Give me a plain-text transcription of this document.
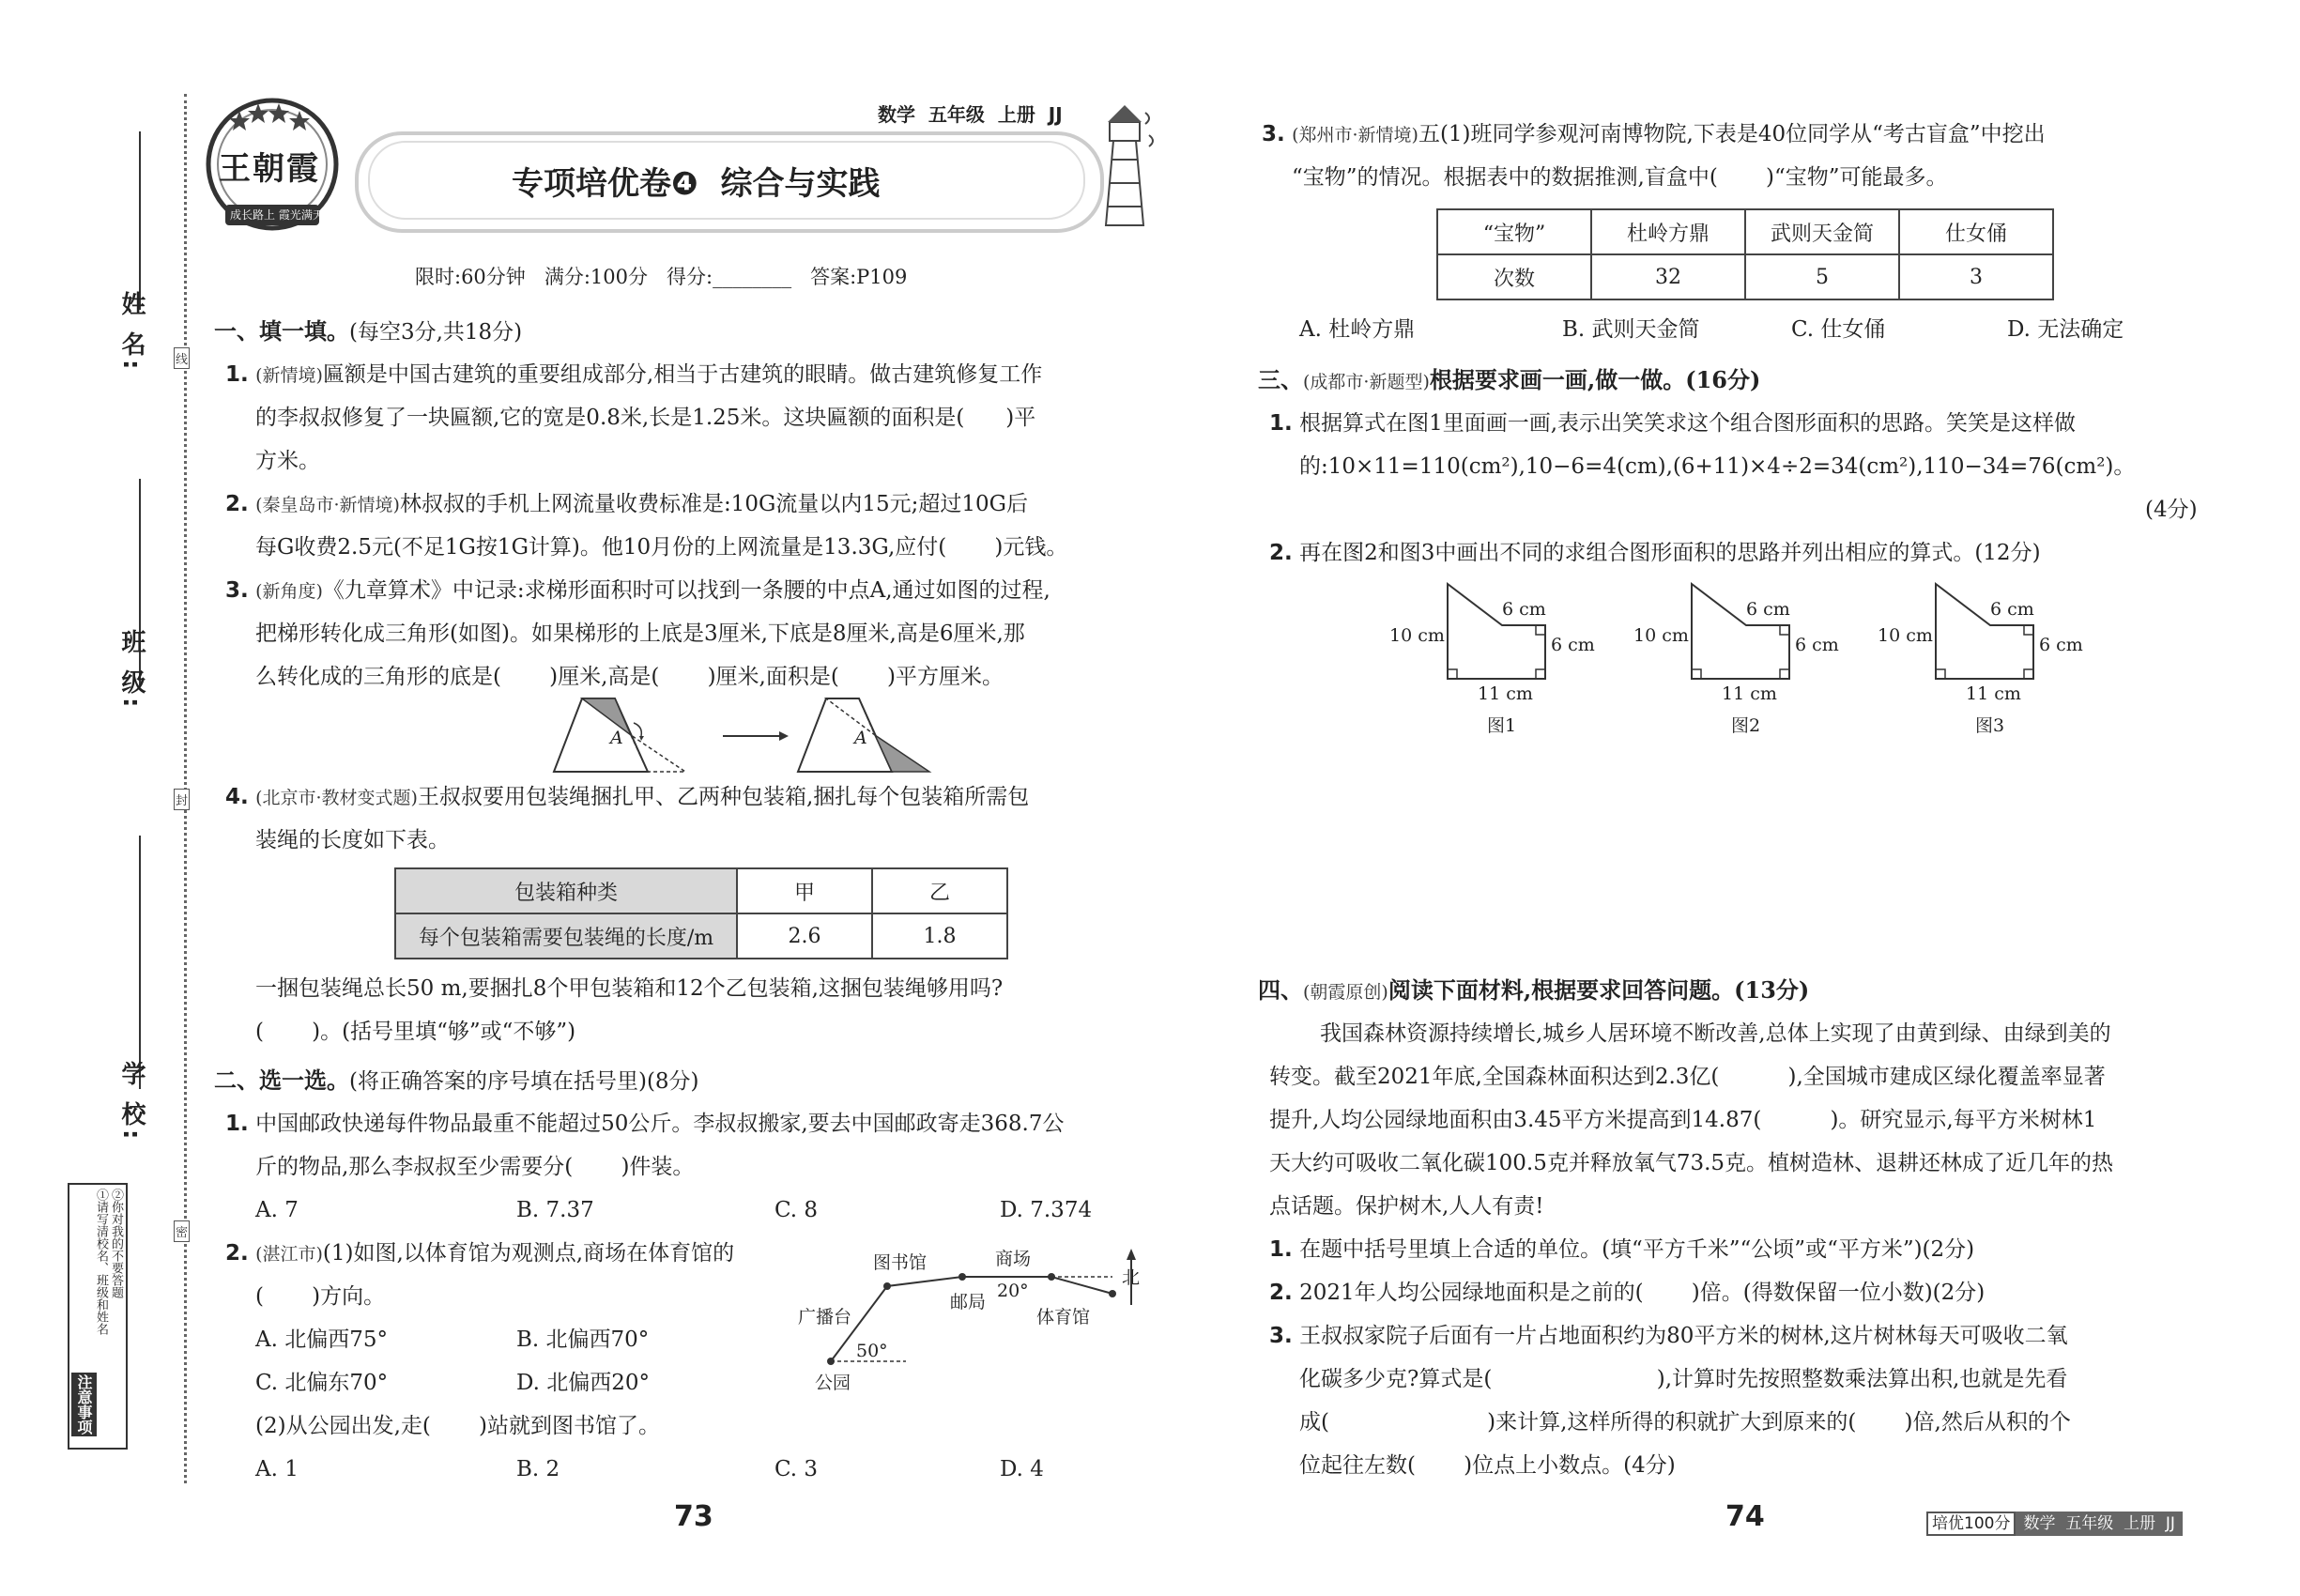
姓 名:
班 级:
学 校:
注意事项
①请写清校名、班级和姓名 ②你对我的不要答题
线
封
密
王朝霞
成长路上 霞光满天
数学  五年级  上册  JJ
专项培优卷❹  综合与实践
限时:60分钟   满分:100分   得分:________   答案:P109
一、填一填。(每空3分,共18分)
1. (新情境)匾额是中国古建筑的重要组成部分,相当于古建筑的眼睛。做古建筑修复工作
的李叔叔修复了一块匾额,它的宽是0.8米,长是1.25米。这块匾额的面积是(      )平
方米。
2. (秦皇岛市·新情境)林叔叔的手机上网流量收费标准是:10G流量以内15元;超过10G后
每G收费2.5元(不足1G按1G计算)。他10月份的上网流量是13.3G,应付(       )元钱。
3. (新角度)《九章算术》中记录:求梯形面积时可以找到一条腰的中点A,通过如图的过程,
把梯形转化成三角形(如图)。如果梯形的上底是3厘米,下底是8厘米,高是6厘米,那
么转化成的三角形的底是(       )厘米,高是(       )厘米,面积是(       )平方厘米。
A	A
4. (北京市·教材变式题)王叔叔要用包装绳捆扎甲、乙两种包装箱,捆扎每个包装箱所需包
装绳的长度如下表。
包装箱种类	甲	乙
每个包装箱需要包装绳的长度/m	2.6	1.8
一捆包装绳总长50 m,要捆扎8个甲包装箱和12个乙包装箱,这捆包装绳够用吗?
(       )。(括号里填“够”或“不够”)
二、选一选。(将正确答案的序号填在括号里)(8分)
1. 中国邮政快递每件物品最重不能超过50公斤。李叔叔搬家,要去中国邮政寄走368.7公
斤的物品,那么李叔叔至少需要分(       )件装。
A. 7	B. 7.37	C. 8	D. 7.374
2. (湛江市)(1)如图,以体育馆为观测点,商场在体育馆的
(       )方向。
A. 北偏西75°	B. 北偏西70°
C. 北偏东70°	D. 北偏西20°
(2)从公园出发,走(       )站就到图书馆了。
A. 1	B. 2	C. 3	D. 4
图书馆	商场
邮局
20°
体育馆
广播台
50°
公园
北
73
3. (郑州市·新情境)五(1)班同学参观河南博物院,下表是40位同学从“考古盲盒”中挖出
“宝物”的情况。根据表中的数据推测,盲盒中(       )“宝物”可能最多。
“宝物”	杜岭方鼎	武则天金简	仕女俑
次数	32	5	3
A. 杜岭方鼎	B. 武则天金简	C. 仕女俑	D. 无法确定
三、(成都市·新题型)根据要求画一画,做一做。(16分)
1. 根据算式在图1里面画一画,表示出笑笑求这个组合图形面积的思路。笑笑是这样做
的:10×11=110(cm²),10−6=4(cm),(6+11)×4÷2=34(cm²),110−34=76(cm²)。
(4分)
2. 再在图2和图3中画出不同的求组合图形面积的思路并列出相应的算式。(12分)
6 cm
10 cm	6 cm
11 cm
图1
6 cm
10 cm	6 cm
11 cm
图2
6 cm
10 cm	6 cm
11 cm
图3
四、(朝霞原创)阅读下面材料,根据要求回答问题。(13分)
我国森林资源持续增长,城乡人居环境不断改善,总体上实现了由黄到绿、由绿到美的
转变。截至2021年底,全国森林面积达到2.3亿(          ),全国城市建成区绿化覆盖率显著
提升,人均公园绿地面积由3.45平方米提高到14.87(          )。研究显示,每平方米树林1
天大约可吸收二氧化碳100.5克并释放氧气73.5克。植树造林、退耕还林成了近几年的热
点话题。保护树木,人人有责!
1. 在题中括号里填上合适的单位。(填“平方千米”“公顷”或“平方米”)(2分)
2. 2021年人均公园绿地面积是之前的(       )倍。(得数保留一位小数)(2分)
3. 王叔叔家院子后面有一片占地面积约为80平方米的树林,这片树林每天可吸收二氧
化碳多少克?算式是(                        ),计算时先按照整数乘法算出积,也就是先看
成(                       )来计算,这样所得的积就扩大到原来的(       )倍,然后从积的个
位起往左数(       )位点上小数点。(4分)
74	培优100分 数学  五年级  上册  JJ
